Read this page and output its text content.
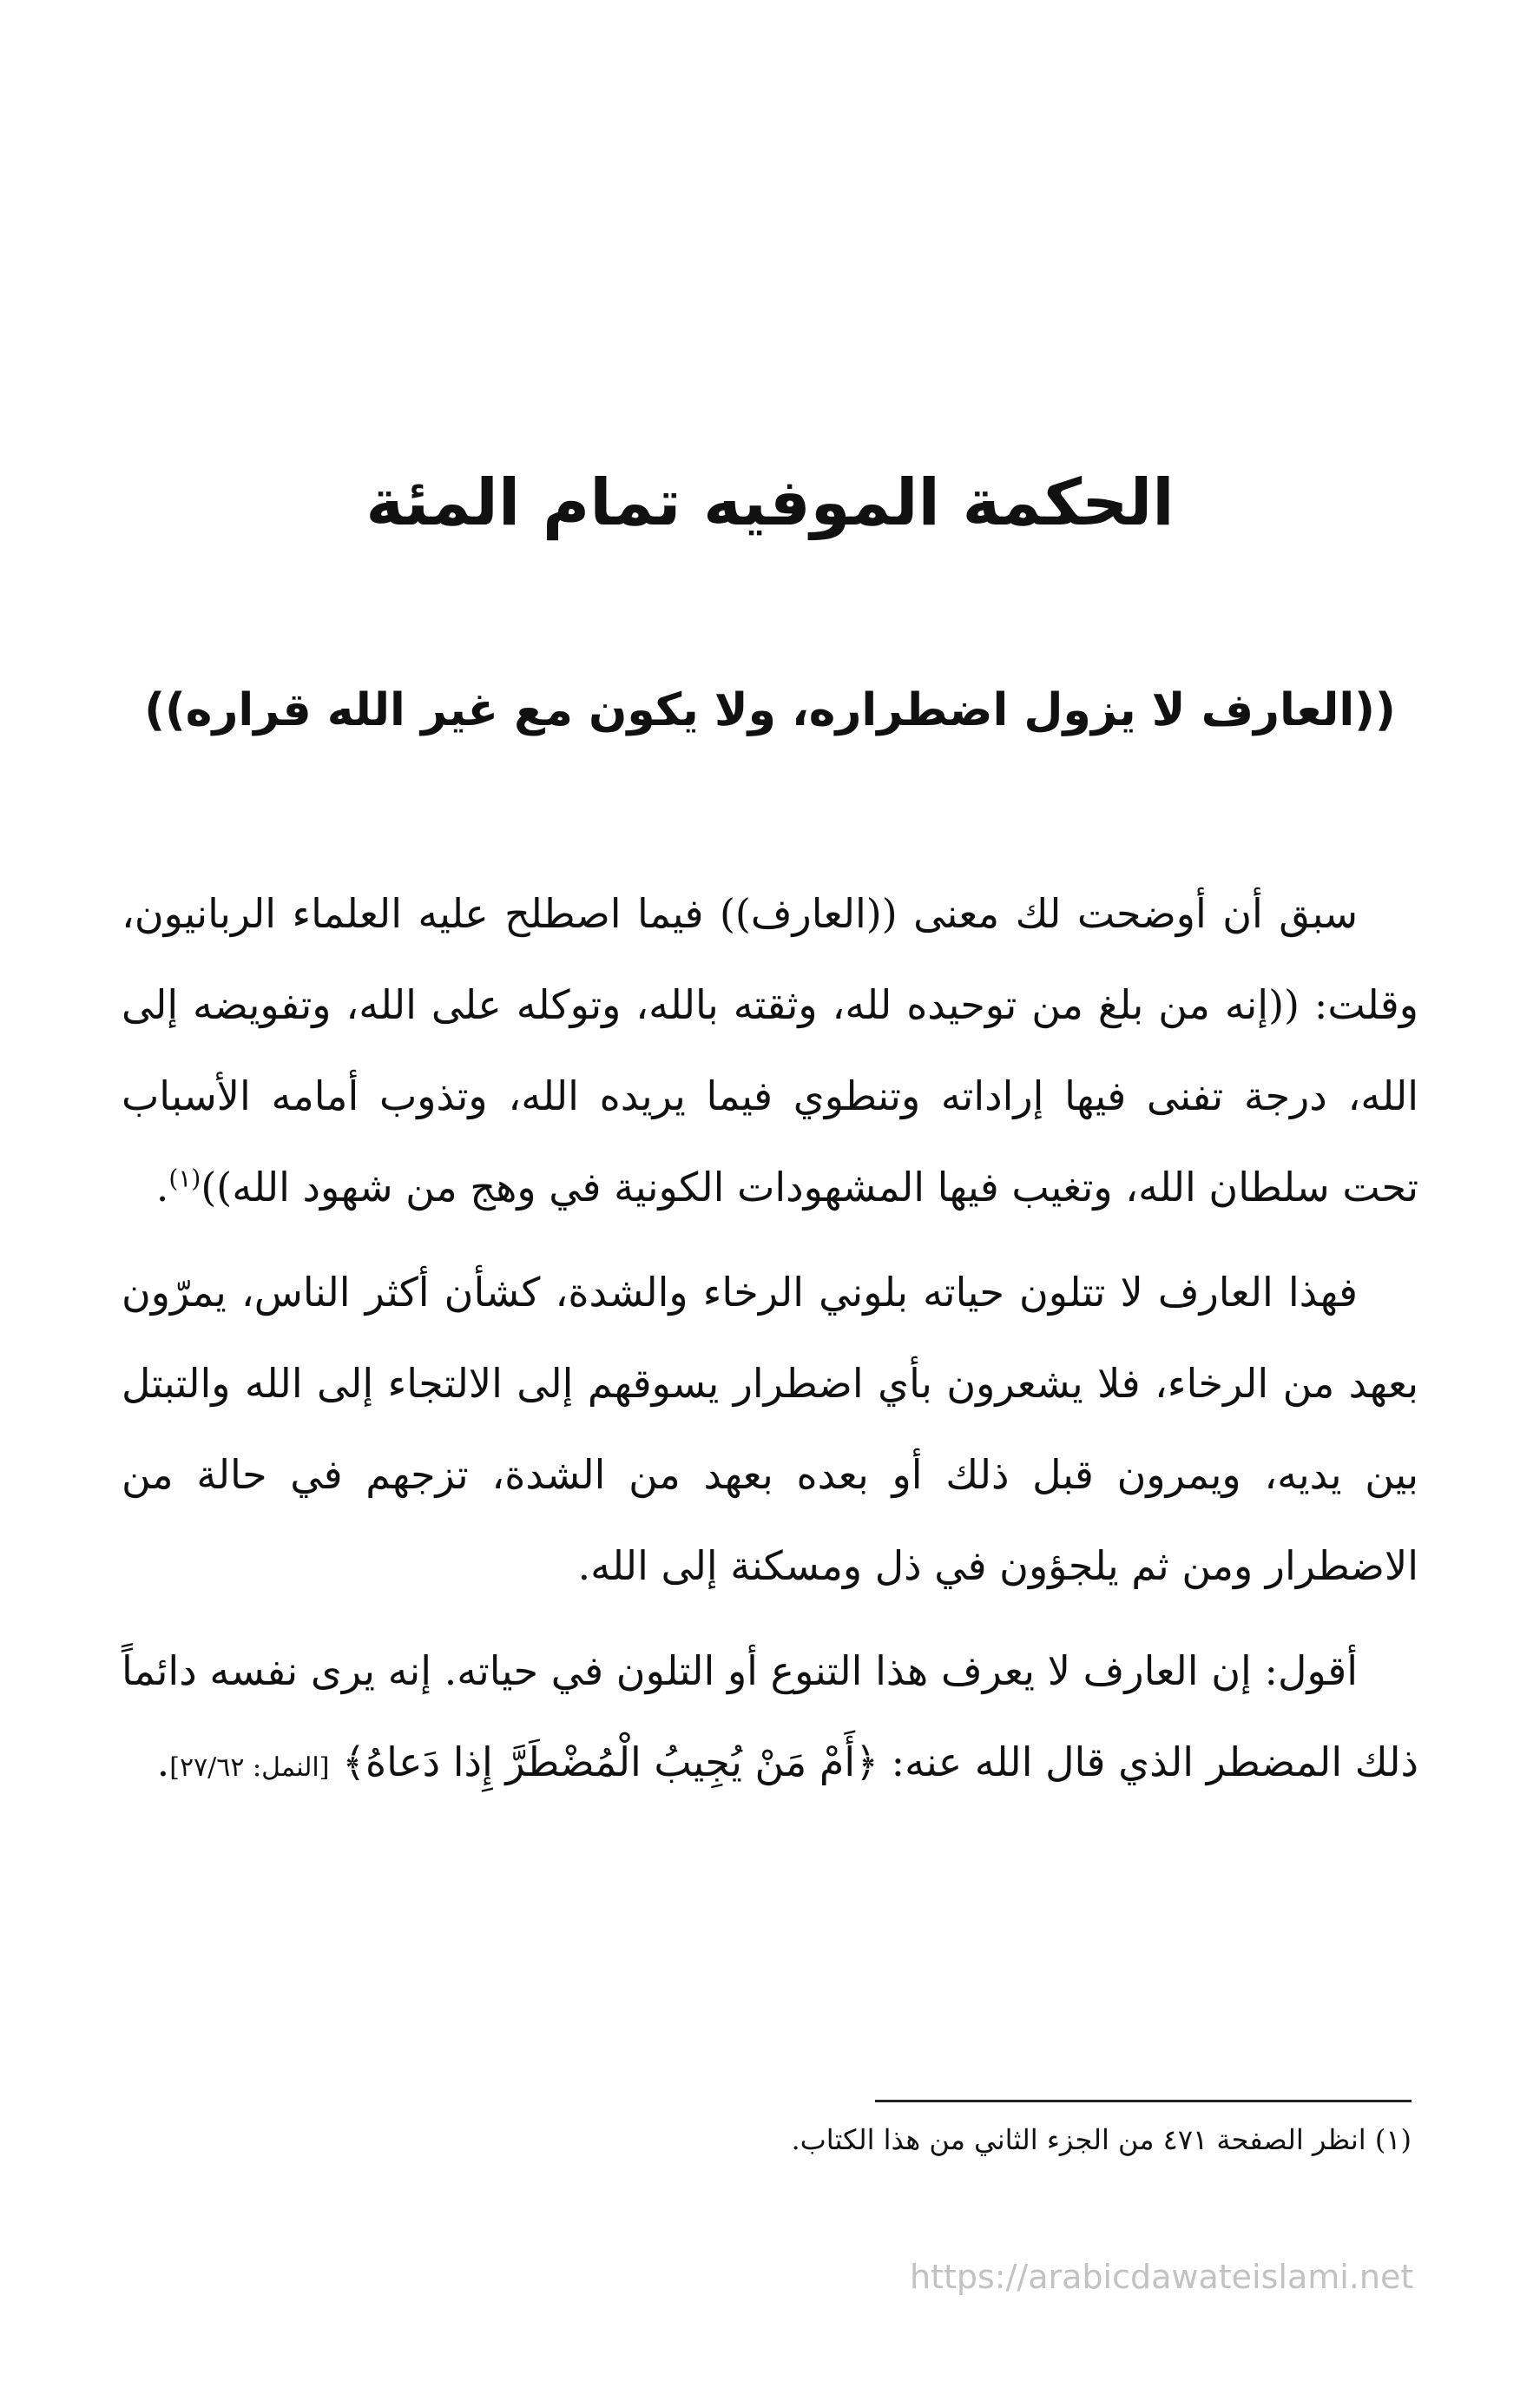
الحكمة الموفيه تمام المئة
((العارف لا يزول اضطراره، ولا يكون مع غير الله قراره))

سبق أن أوضحت لك معنى ((العارف)) فيما اصطلح عليه العلماء الربانيون، وقلت: ((إنه من بلغ من توحيده لله، وثقته بالله، وتوكله على الله، وتفويضه إلى الله، درجة تفنى فيها إراداته وتنطوي فيما يريده الله، وتذوب أمامه الأسباب تحت سلطان الله، وتغيب فيها المشهودات الكونية في وهج من شهود الله))$^{(١)}$.

فهذا العارف لا تتلون حياته بلوني الرخاء والشدة، كشأن أكثر الناس، يمرّون بعهد من الرخاء، فلا يشعرون بأي اضطرار يسوقهم إلى الالتجاء إلى الله والتبتل بين يديه، ويمرون قبل ذلك أو بعده بعهد من الشدة، تزجهم في حالة من الاضطرار ومن ثم يلجؤون في ذل ومسكنة إلى الله.

أقول: إن العارف لا يعرف هذا التنوع أو التلون في حياته. إنه يرى نفسه دائماً ذلك المضطر الذي قال الله عنه: ﴿أَمْ مَنْ يُجِيبُ الْمُضْطَرَّ إِذا دَعاهُ﴾ [النمل: ٢٧/٦٢].

(١) انظر الصفحة ٤٧١ من الجزء الثاني من هذا الكتاب.

https://arabicdawateislami.net
